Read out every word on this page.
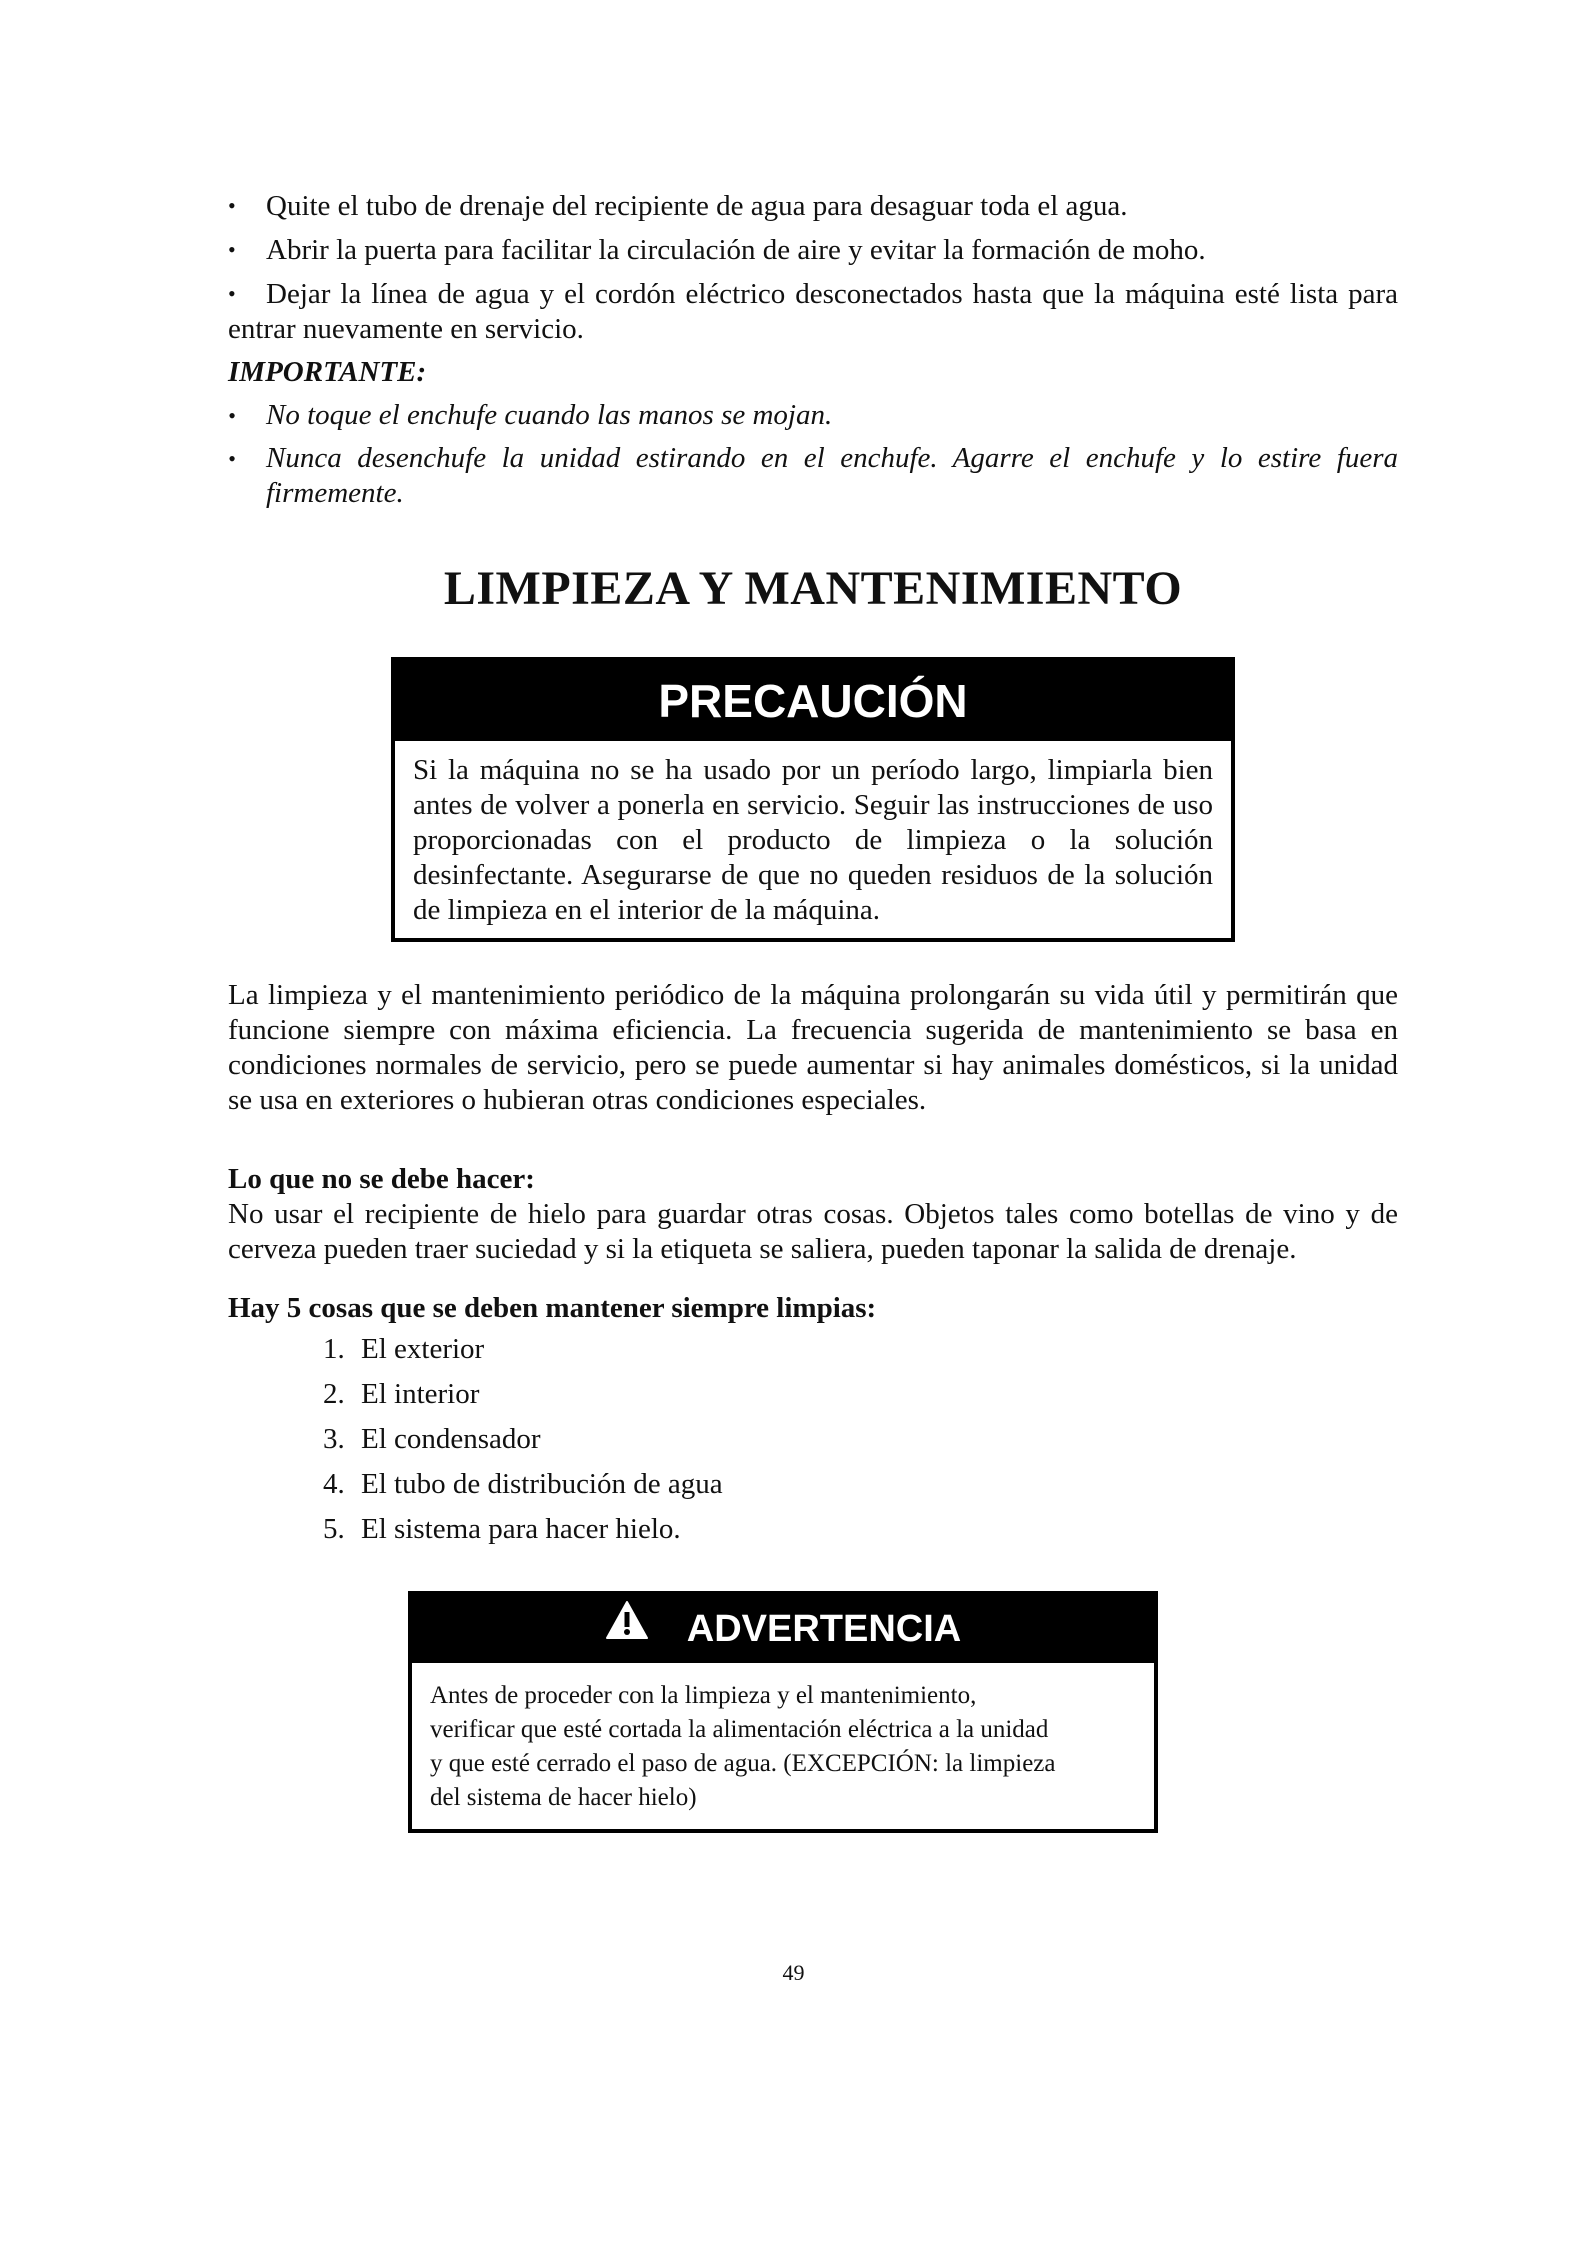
• Quite el tubo de drenaje del recipiente de agua para desaguar toda el agua.
• Abrir la puerta para facilitar la circulación de aire y evitar la formación de moho.
• Dejar la línea de agua y el cordón eléctrico desconectados hasta que la máquina esté lista para entrar nuevamente en servicio.

IMPORTANTE:

•	No toque el enchufe cuando las manos se mojan.
•	Nunca desenchufe la unidad estirando en el enchufe. Agarre el enchufe y lo estire fuera firmemente.
LIMPIEZA Y MANTENIMIENTO
PRECAUCIÓN
Si la máquina no se ha usado por un período largo, limpiarla bien antes de volver a ponerla en servicio. Seguir las instrucciones de uso proporcionadas con el producto de limpieza o la solución desinfectante. Asegurarse de que no queden residuos de la solución de limpieza en el interior de la máquina.

La limpieza y el mantenimiento periódico de la máquina prolongarán su vida útil y permitirán que funcione siempre con máxima eficiencia. La frecuencia sugerida de mantenimiento se basa en condiciones normales de servicio, pero se puede aumentar si hay animales domésticos, si la unidad se usa en exteriores o hubieran otras condiciones especiales.

Lo que no se debe hacer:

No usar el recipiente de hielo para guardar otras cosas. Objetos tales como botellas de vino y de cerveza pueden traer suciedad y si la etiqueta se saliera, pueden taponar la salida de drenaje.

Hay 5 cosas que se deben mantener siempre limpias:

1. El exterior
2. El interior
3. El condensador
4. El tubo de distribución de agua
5. El sistema para hacer hielo.
ADVERTENCIA
Antes de proceder con la limpieza y el mantenimiento,
verificar que esté cortada la alimentación eléctrica a la unidad
y que esté cerrado el paso de agua. (EXCEPCIÓN: la limpieza
del sistema de hacer hielo)
49
